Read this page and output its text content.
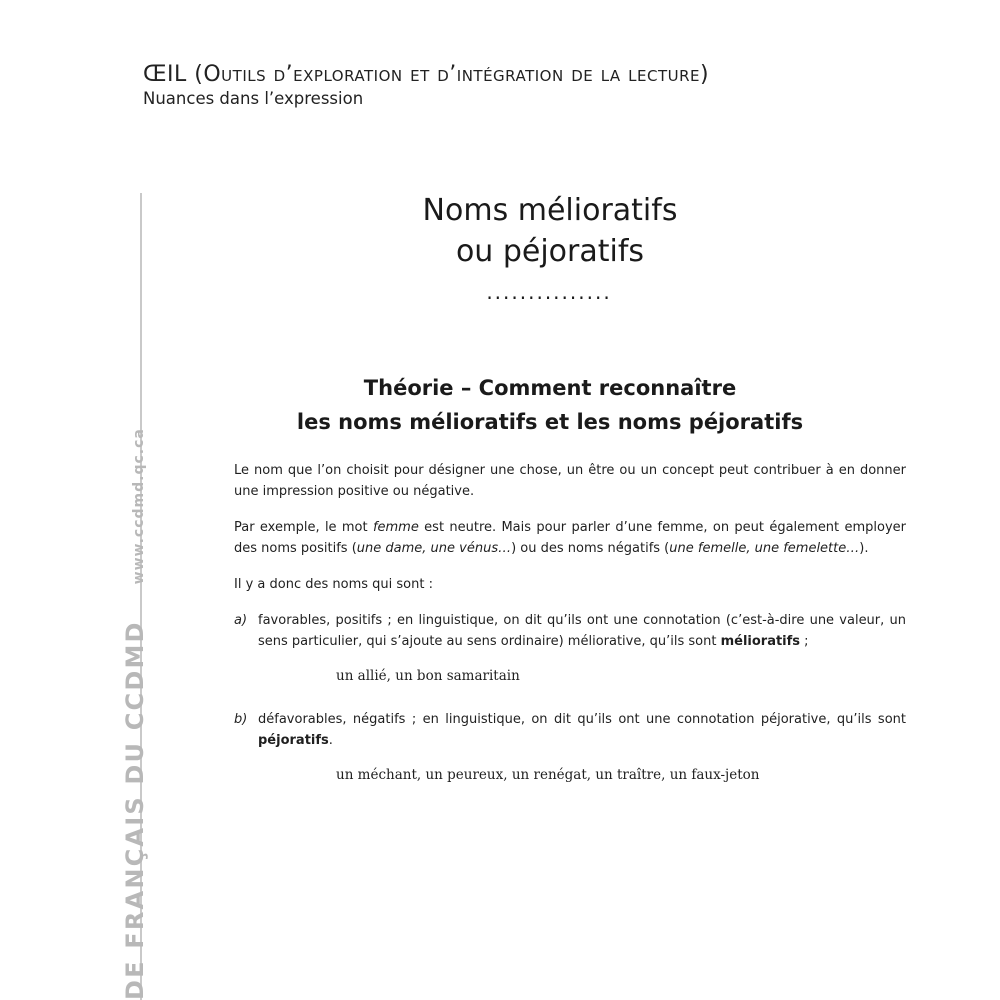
ŒIL (Outils d’exploration et d’intégration de la lecture)
Nuances dans l’expression
DE FRANÇAIS DU CCDMDwww.ccdmd.qc.ca
Noms mélioratifs
ou péjoratifs
...............
Théorie – Comment reconnaître
les noms mélioratifs et les noms péjoratifs

Le nom que l’on choisit pour désigner une chose, un être ou un concept peut contribuer à en donner une impression positive ou négative.

Par exemple, le mot femme est neutre. Mais pour parler d’une femme, on peut également employer des noms positifs (une dame, une vénus…) ou des noms négatifs (une femelle, une femelette…).

Il y a donc des noms qui sont :

a) favorables, positifs ; en linguistique, on dit qu’ils ont une connotation (c’est-à-dire une valeur, un sens particulier, qui s’ajoute au sens ordinaire) méliorative, qu’ils sont mélioratifs ;
un allié, un bon samaritain
b) défavorables, négatifs ; en linguistique, on dit qu’ils ont une connotation péjorative, qu’ils sont péjoratifs.
un méchant, un peureux, un renégat, un traître, un faux-jeton
